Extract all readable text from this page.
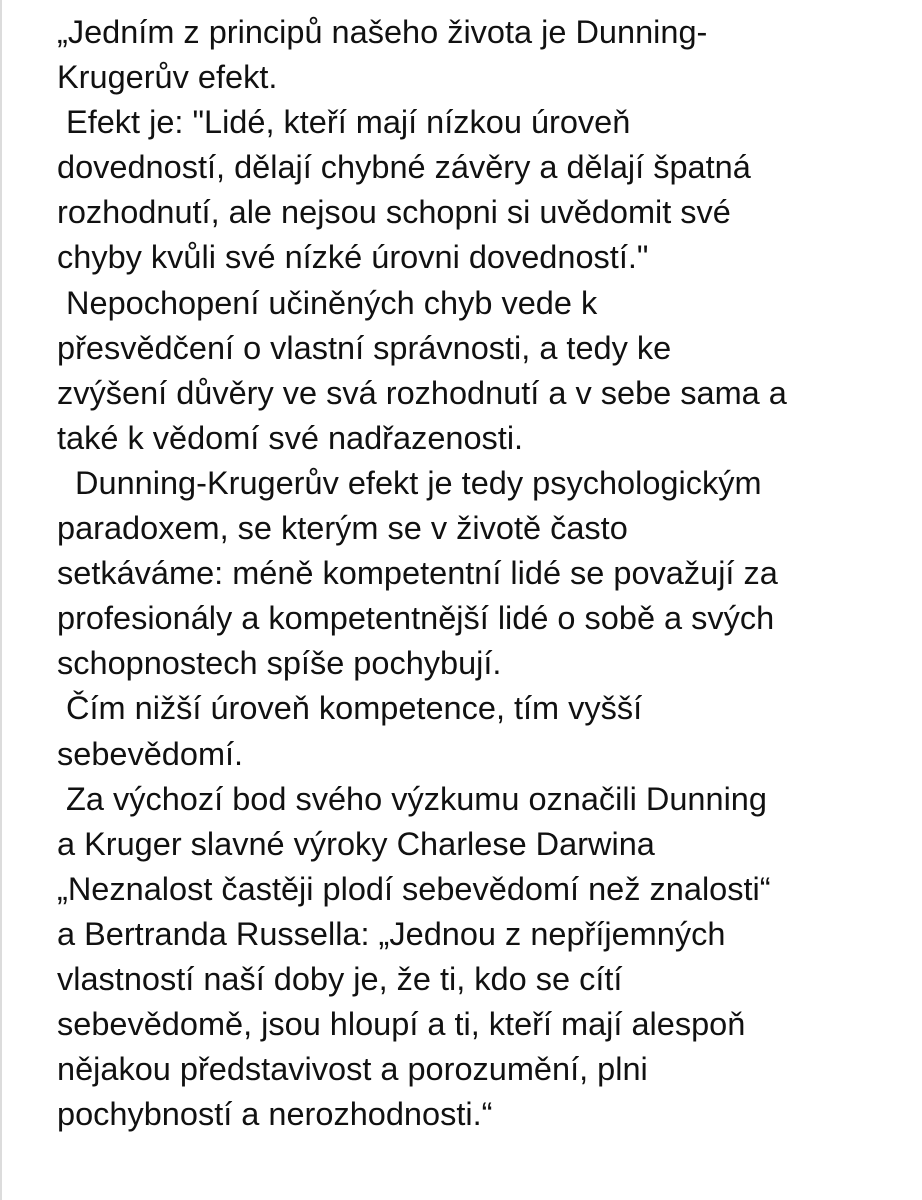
„Jedním z principů našeho života je Dunning-
Krugerův efekt.
Efekt je: "Lidé, kteří mají nízkou úroveň
dovedností, dělají chybné závěry a dělají špatná
rozhodnutí, ale nejsou schopni si uvědomit své
chyby kvůli své nízké úrovni dovedností."
Nepochopení učiněných chyb vede k
přesvědčení o vlastní správnosti, a tedy ke
zvýšení důvěry ve svá rozhodnutí a v sebe sama a
také k vědomí své nadřazenosti.
Dunning-Krugerův efekt je tedy psychologickým
paradoxem, se kterým se v životě často
setkáváme: méně kompetentní lidé se považují za
profesionály a kompetentnější lidé o sobě a svých
schopnostech spíše pochybují.
Čím nižší úroveň kompetence, tím vyšší
sebevědomí.
Za výchozí bod svého výzkumu označili Dunning
a Kruger slavné výroky Charlese Darwina
„Neznalost častěji plodí sebevědomí než znalosti“
a Bertranda Russella: „Jednou z nepříjemných
vlastností naší doby je, že ti, kdo se cítí
sebevědomě, jsou hloupí a ti, kteří mají alespoň
nějakou představivost a porozumění, plni
pochybností a nerozhodnosti.“
